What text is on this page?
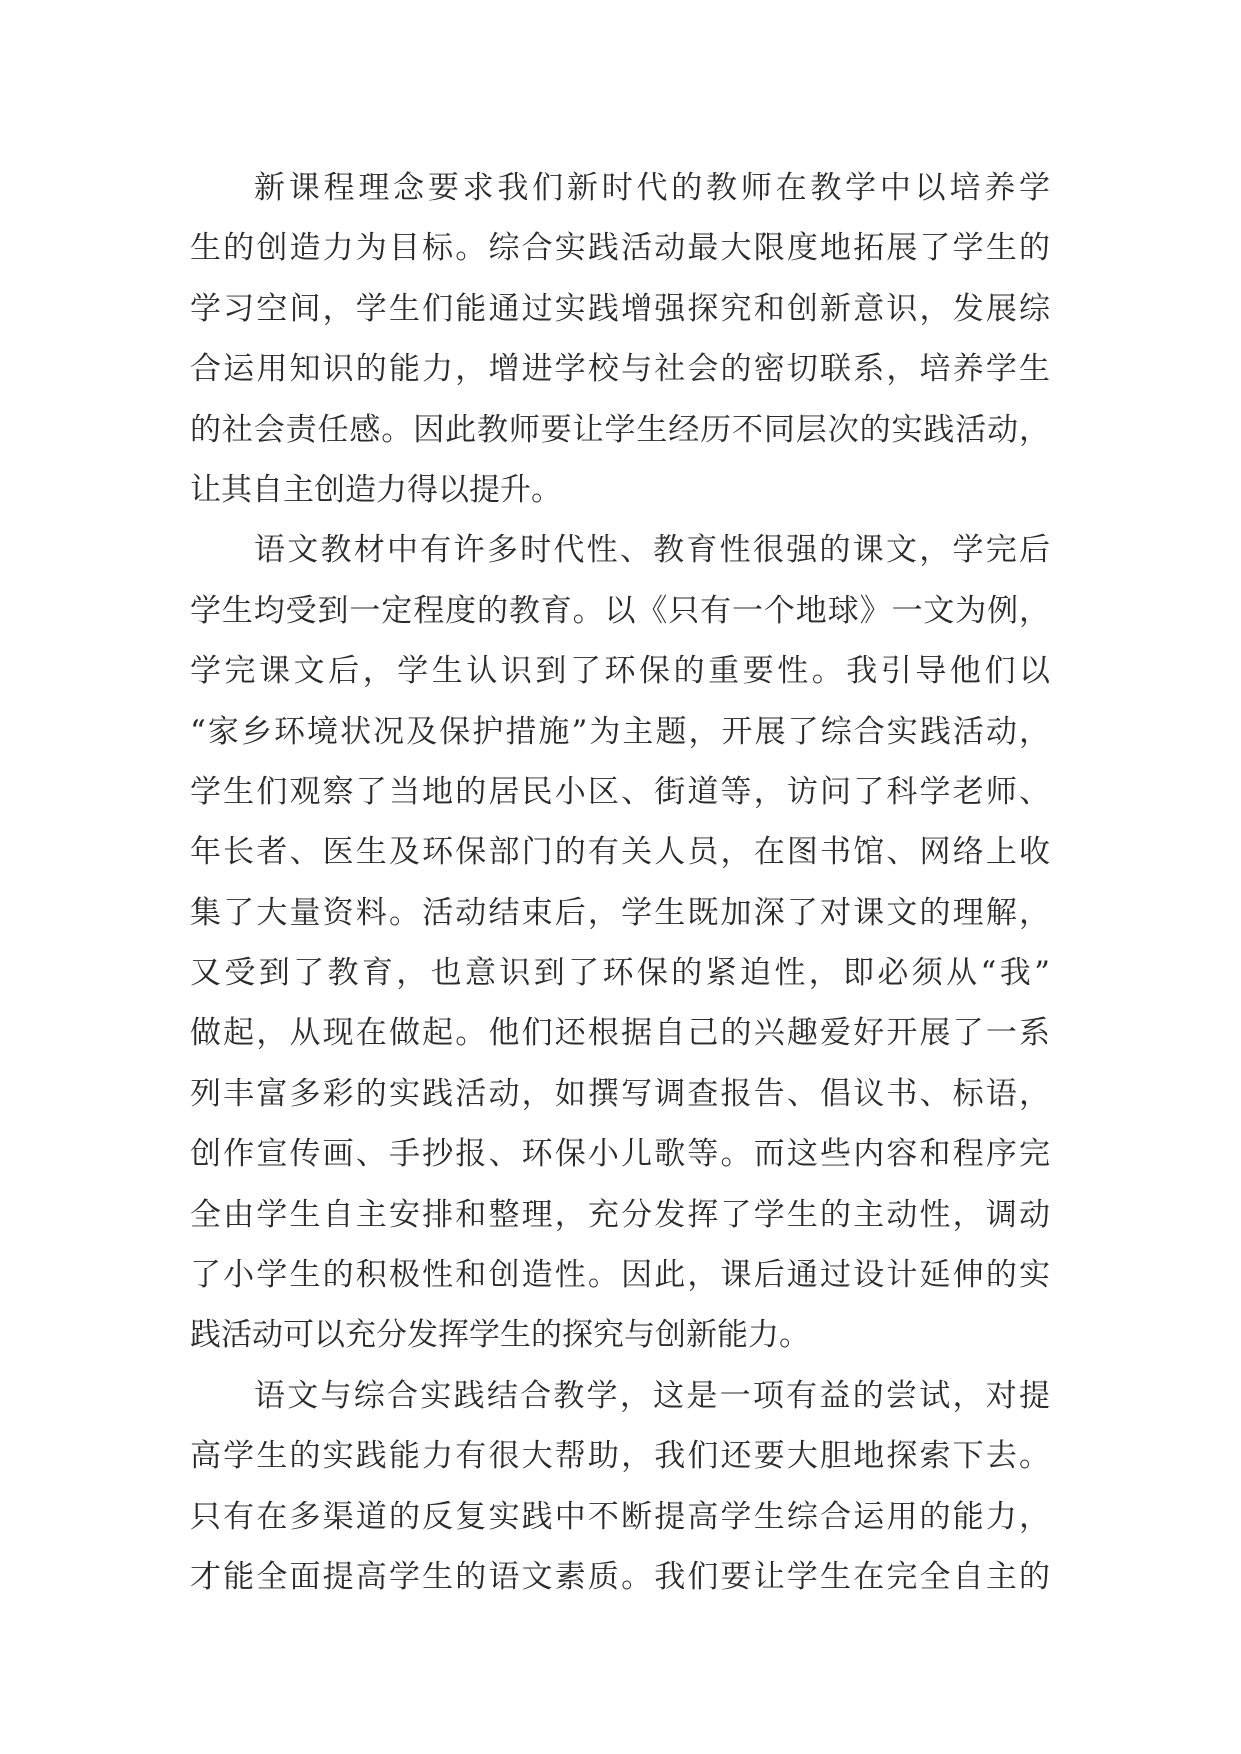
新课程理念要求我们新时代的教师在教学中以培养学
生的创造力为目标。综合实践活动最大限度地拓展了学生的
学习空间，学生们能通过实践增强探究和创新意识，发展综
合运用知识的能力，增进学校与社会的密切联系，培养学生
的社会责任感。因此教师要让学生经历不同层次的实践活动，
让其自主创造力得以提升。
语文教材中有许多时代性、教育性很强的课文，学完后
学生均受到一定程度的教育。以《只有一个地球》一文为例，
学完课文后，学生认识到了环保的重要性。我引导他们以
“家乡环境状况及保护措施”为主题，开展了综合实践活动，
学生们观察了当地的居民小区、街道等，访问了科学老师、
年长者、医生及环保部门的有关人员，在图书馆、网络上收
集了大量资料。活动结束后，学生既加深了对课文的理解，
又受到了教育，也意识到了环保的紧迫性，即必须从“我”
做起，从现在做起。他们还根据自己的兴趣爱好开展了一系
列丰富多彩的实践活动，如撰写调查报告、倡议书、标语，
创作宣传画、手抄报、环保小儿歌等。而这些内容和程序完
全由学生自主安排和整理，充分发挥了学生的主动性，调动
了小学生的积极性和创造性。因此，课后通过设计延伸的实
践活动可以充分发挥学生的探究与创新能力。
语文与综合实践结合教学，这是一项有益的尝试，对提
高学生的实践能力有很大帮助，我们还要大胆地探索下去。
只有在多渠道的反复实践中不断提高学生综合运用的能力，
才能全面提高学生的语文素质。我们要让学生在完全自主的
